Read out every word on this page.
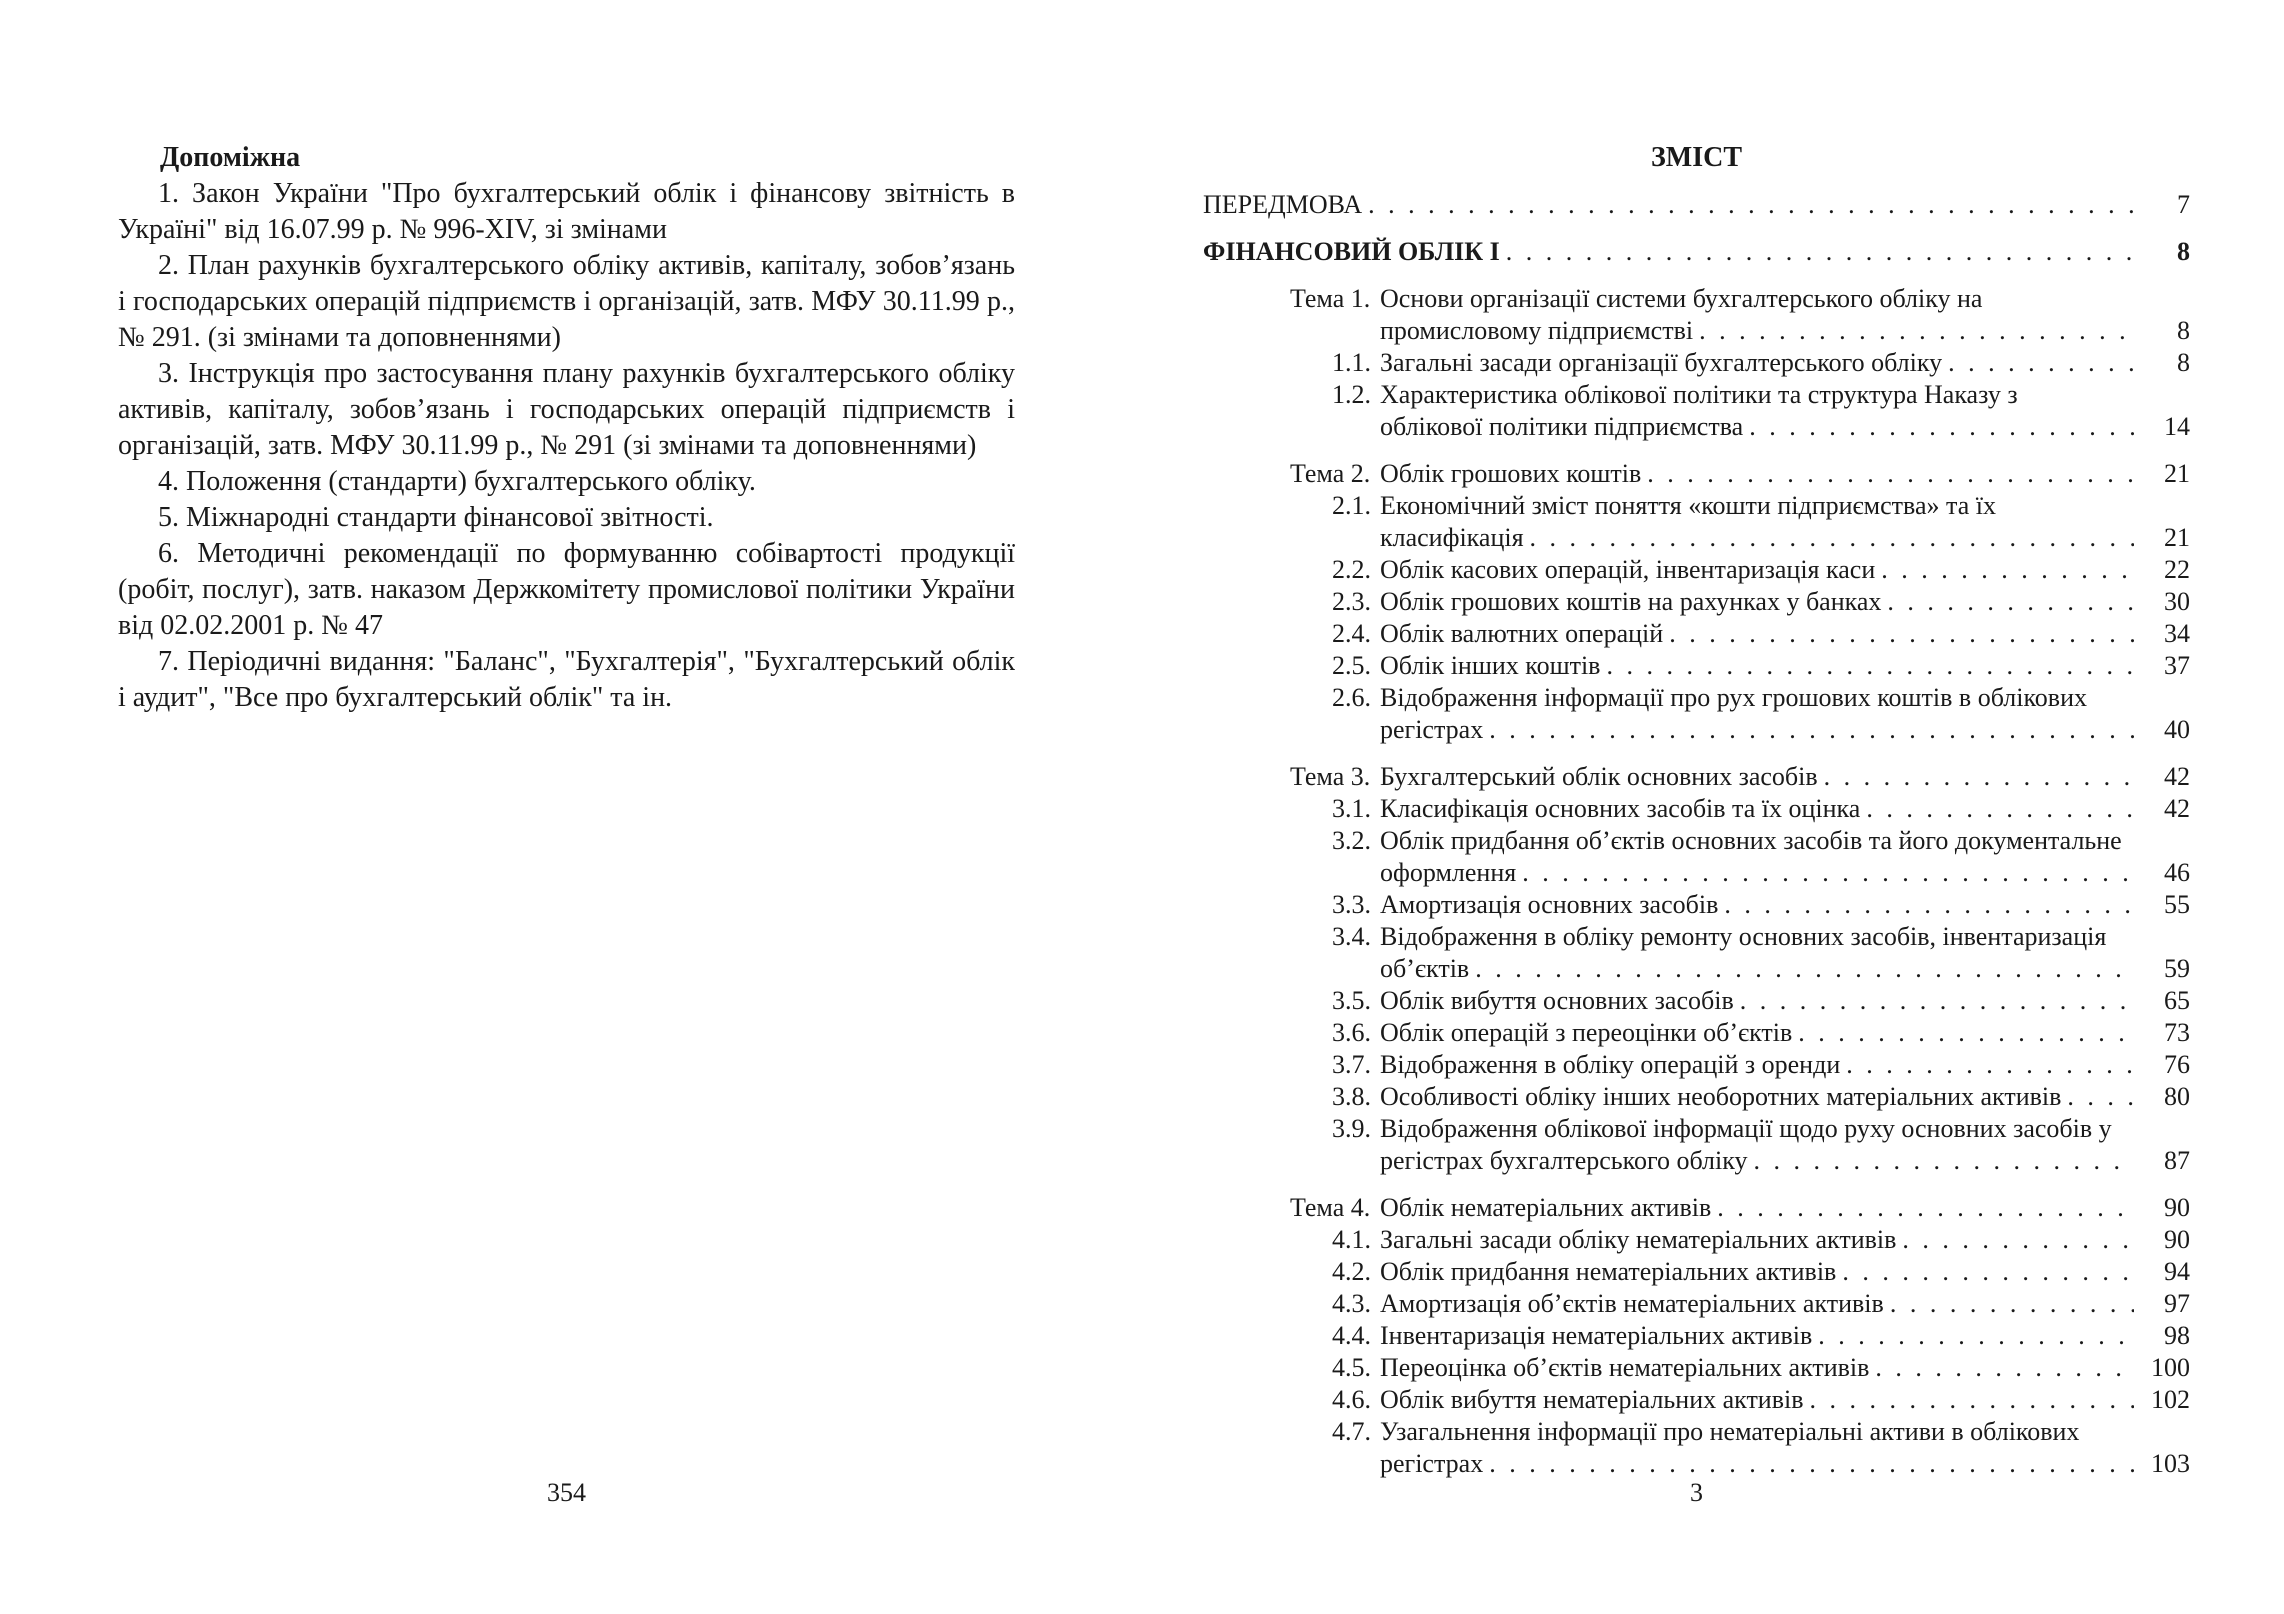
Допоміжна

1. Закон України "Про бухгалтерський облік і фінансову звітність в Україні" від 16.07.99 р. № 996-XIV, зі змінами

2. План рахунків бухгалтерського обліку активів, капіталу, зобов’язань і господарських операцій підприємств і організацій, затв. МФУ 30.11.99 р., № 291. (зі змінами та доповненнями)

3. Інструкція про застосування плану рахунків бухгалтерського обліку активів, капіталу, зобов’язань і господарських операцій підприємств і організацій, затв. МФУ 30.11.99 р., № 291 (зі змінами та доповненнями)

4. Положення (стандарти) бухгалтерського обліку.

5. Міжнародні стандарти фінансової звітності.

6. Методичні рекомендації по формуванню собівартості продукції (робіт, послуг), затв. наказом Держкомітету промислової політики України від 02.02.2001 р. № 47

7. Періодичні видання: "Баланс", "Бухгалтерія", "Бухгалтерський облік і аудит", "Все про бухгалтерський облік" та ін.

354

ЗМІСТ

ПЕРЕДМОВА . . .	7
ФІНАНСОВИЙ ОБЛІК І . . .	8
Тема 1. Основи організації системи бухгалтерського обліку на
промисловому підприємстві . . .	8
1.1. Загальні засади організації бухгалтерського обліку . . .	8
1.2. Характеристика облікової політики та структура Наказу з
облікової політики підприємства . . .	14
Тема 2. Облік грошових коштів . . .	21
2.1. Економічний зміст поняття «кошти підприємства» та їх
класифікація . . .	21
2.2. Облік касових операцій, інвентаризація каси . . .	22
2.3. Облік грошових коштів на рахунках у банках . . .	30
2.4. Облік валютних операцій . . .	34
2.5. Облік інших коштів . . .	37
2.6. Відображення інформації про рух грошових коштів в облікових
регістрах . . .	40
Тема 3. Бухгалтерський облік основних засобів . . .	42
3.1. Класифікація основних засобів та їх оцінка . . .	42
3.2. Облік придбання об’єктів основних засобів та його документальне
оформлення . . .	46
3.3. Амортизація основних засобів . . .	55
3.4. Відображення в обліку ремонту основних засобів, інвентаризація
об’єктів . . .	59
3.5. Облік вибуття основних засобів . . .	65
3.6. Облік операцій з переоцінки об’єктів . . .	73
3.7. Відображення в обліку операцій з оренди . . .	76
3.8. Особливості обліку інших необоротних матеріальних активів . . .	80
3.9. Відображення облікової інформації щодо руху основних засобів у
регістрах бухгалтерського обліку . . .	87
Тема 4. Облік нематеріальних активів . . .	90
4.1. Загальні засади обліку нематеріальних активів . . .	90
4.2. Облік придбання нематеріальних активів . . .	94
4.3. Амортизація об’єктів нематеріальних активів . . .	97
4.4. Інвентаризація нематеріальних активів . . .	98
4.5. Переоцінка об’єктів нематеріальних активів . . .	100
4.6. Облік вибуття нематеріальних активів . . .	102
4.7. Узагальнення інформації про нематеріальні активи в облікових
регістрах . . .	103
3
